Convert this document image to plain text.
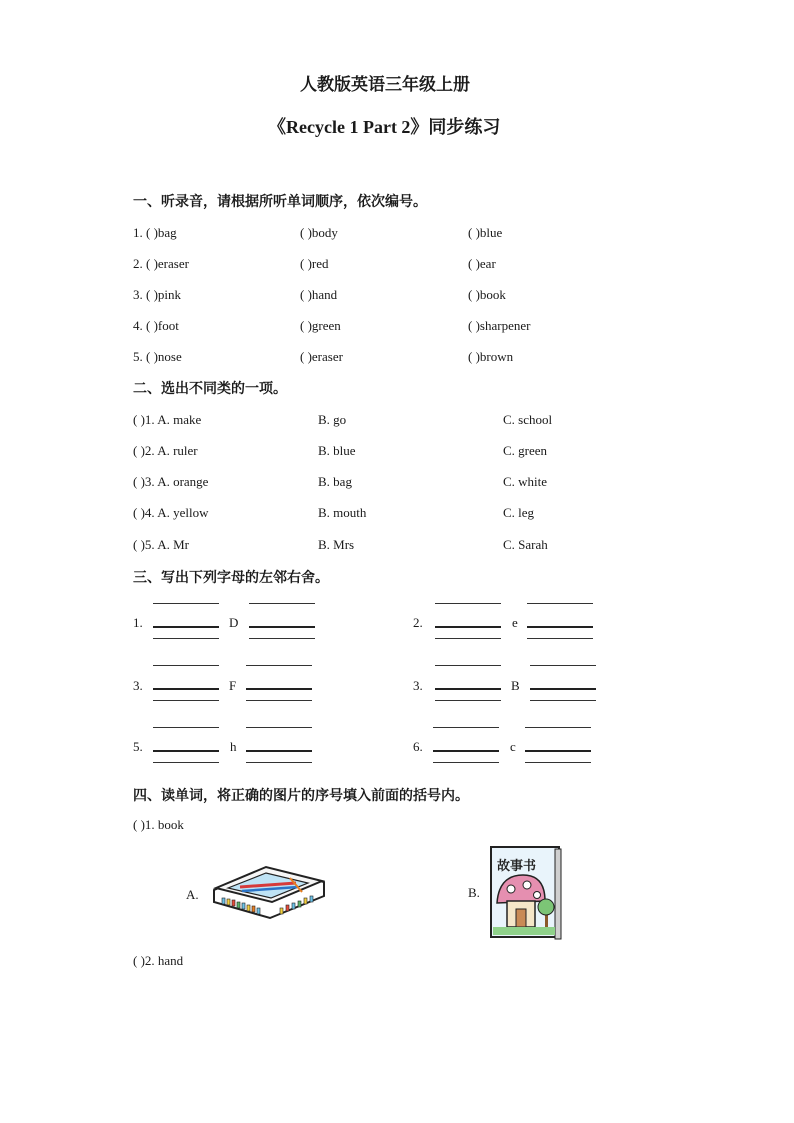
人教版英语三年级上册
《Recycle 1 Part 2》同步练习
一、听录音，请根据所听单词顺序，依次编号。
1. ( )bag	( )body	( )blue
2. ( )eraser	( )red	( )ear
3. ( )pink	( )hand	( )book
4. ( )foot	( )green	( )sharpener
5. ( )nose	( )eraser	( )brown
二、选出不同类的一项。
( )1. A. make	B. go	C. school
( )2. A. ruler	B. blue	C. green
( )3. A. orange	B. bag	C. white
( )4. A. yellow	B. mouth	C. leg
( )5. A. Mr	B. Mrs	C. Sarah
三、写出下列字母的左邻右舍。
1.	D	2.	e
3.	F	3.	B
5.	h	6.	c
四、读单词，将正确的图片的序号填入前面的括号内。
( )1. book
A.	B.
故事书
( )2. hand
